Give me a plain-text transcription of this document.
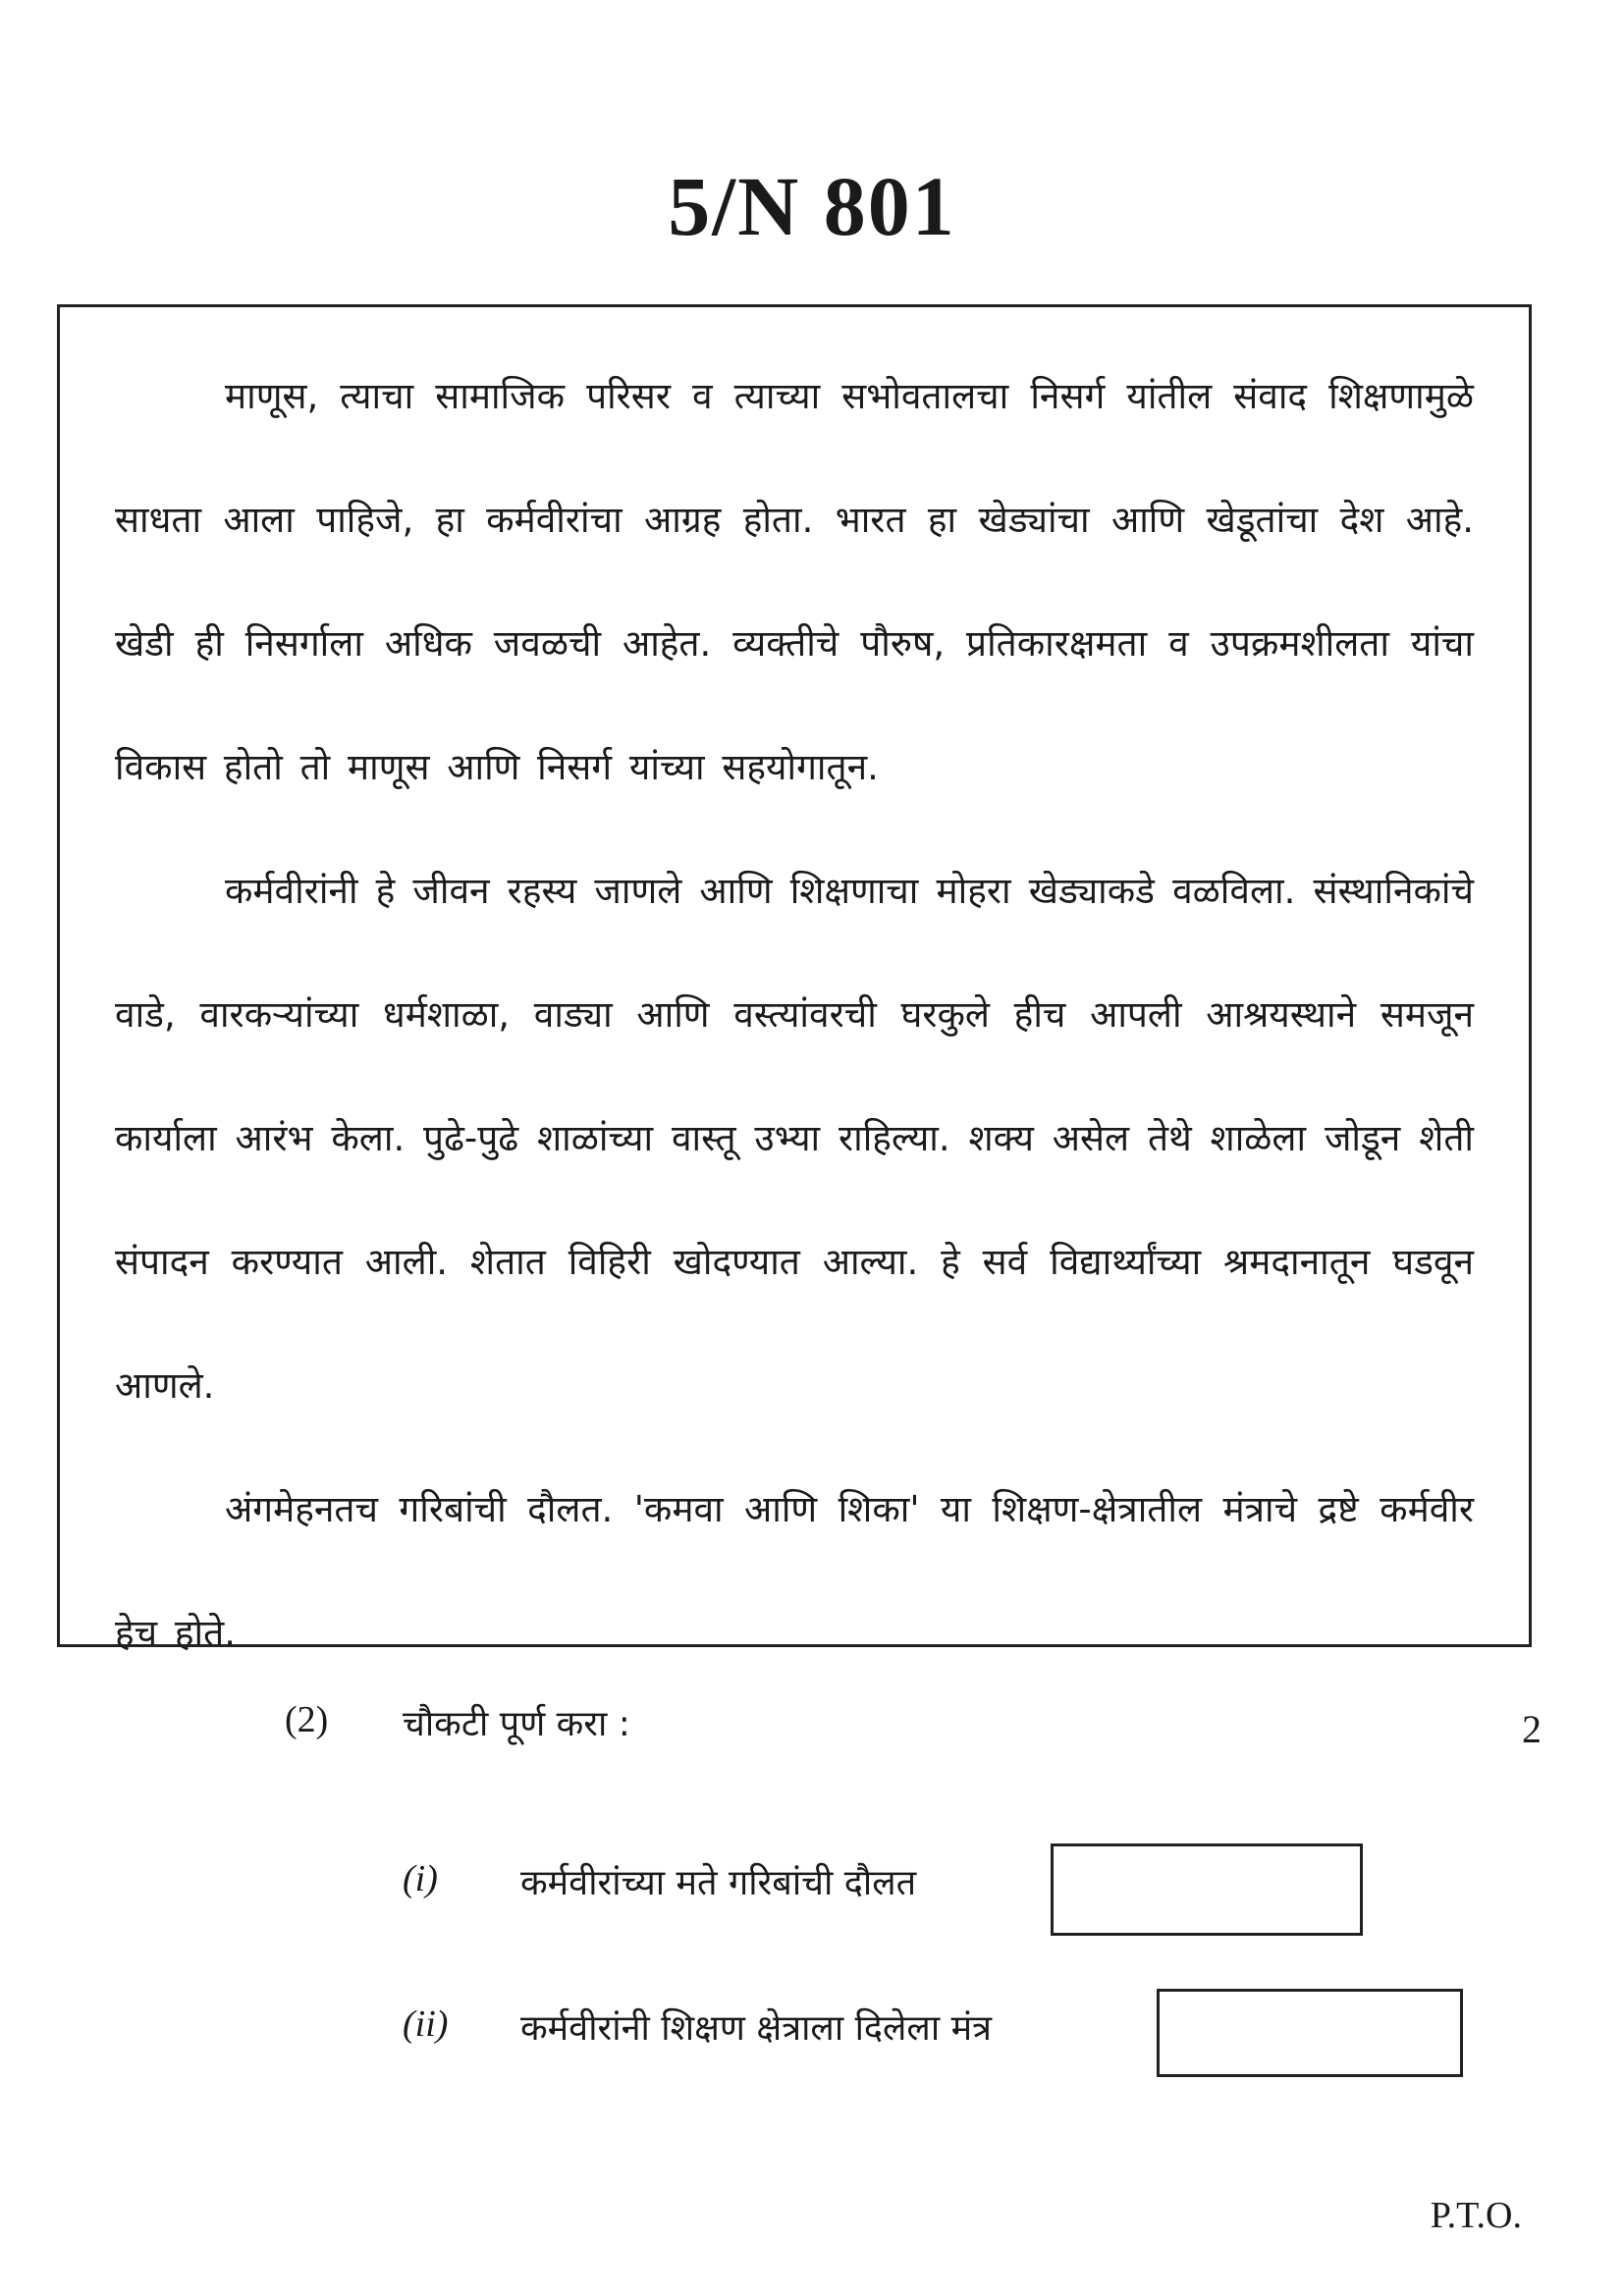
5/N 801

माणूस, त्याचा सामाजिक परिसर व त्याच्या सभोवतालचा निसर्ग यांतील संवाद शिक्षणामुळे साधता आला पाहिजे, हा कर्मवीरांचा आग्रह होता. भारत हा खेड्यांचा आणि खेडूतांचा देश आहे. खेडी ही निसर्गाला अधिक जवळची आहेत. व्यक्तीचे पौरुष, प्रतिकारक्षमता व उपक्रमशीलता यांचा विकास होतो तो माणूस आणि निसर्ग यांच्या सहयोगातून.

कर्मवीरांनी हे जीवन रहस्य जाणले आणि शिक्षणाचा मोहरा खेड्याकडे वळविला. संस्थानिकांचे वाडे, वारकऱ्यांच्या धर्मशाळा, वाड्या आणि वस्त्यांवरची घरकुले हीच आपली आश्रयस्थाने समजून कार्याला आरंभ केला. पुढे-पुढे शाळांच्या वास्तू उभ्या राहिल्या. शक्य असेल तेथे शाळेला जोडून शेती संपादन करण्यात आली. शेतात विहिरी खोदण्यात आल्या. हे सर्व विद्यार्थ्यांच्या श्रमदानातून घडवून आणले.

अंगमेहनतच गरिबांची दौलत. 'कमवा आणि शिका' या शिक्षण-क्षेत्रातील मंत्राचे द्रष्टे कर्मवीर हेच होते.

(2) चौकटी पूर्ण करा :	2
(i) कर्मवीरांच्या मते गरिबांची दौलत
(ii) कर्मवीरांनी शिक्षण क्षेत्राला दिलेला मंत्र
P.T.O.
